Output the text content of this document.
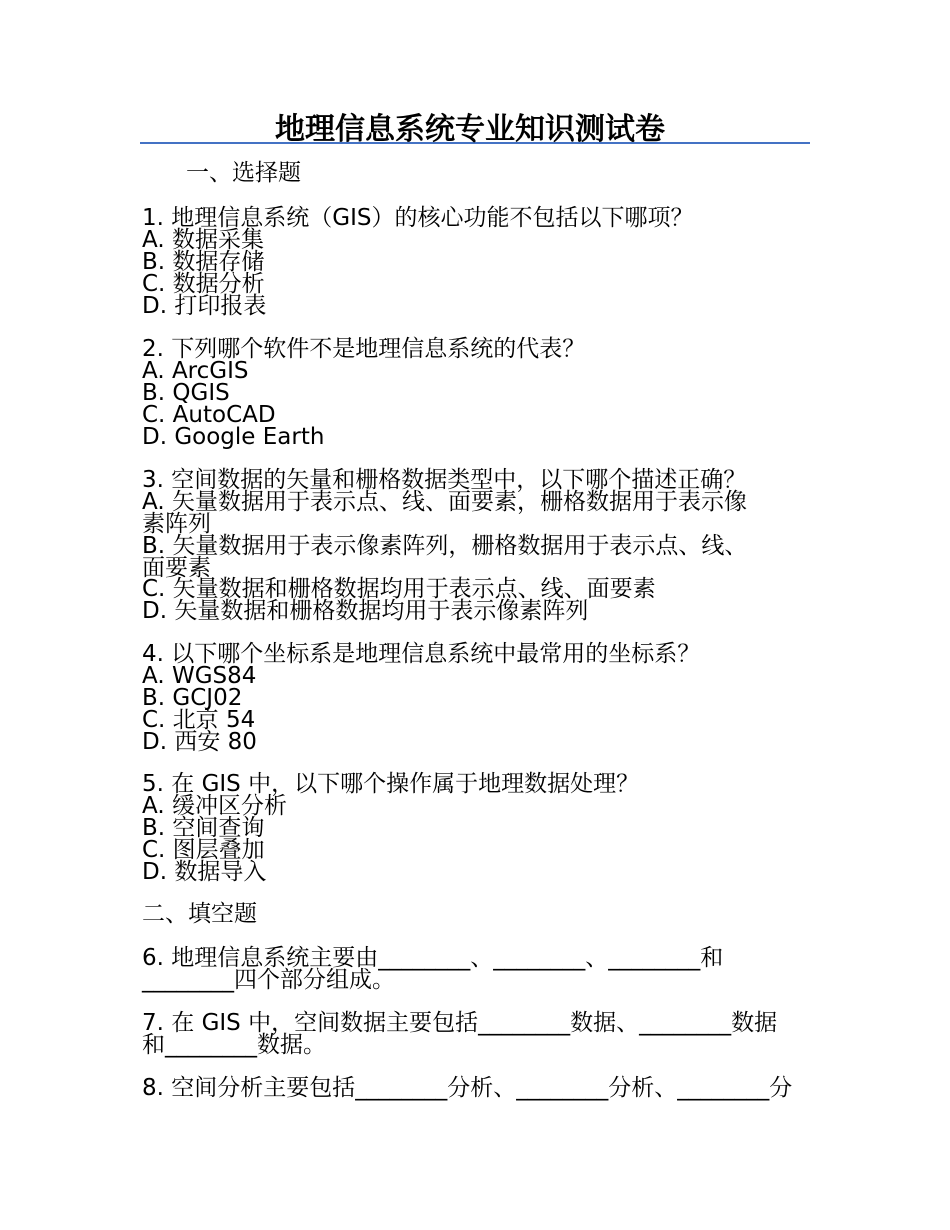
地理信息系统专业知识测试卷
一、选择题
1. 地理信息系统（GIS）的核心功能不包括以下哪项？
A. 数据采集
B. 数据存储
C. 数据分析
D. 打印报表
2. 下列哪个软件不是地理信息系统的代表？
A. ArcGIS
B. QGIS
C. AutoCAD
D. Google Earth
3. 空间数据的矢量和栅格数据类型中，以下哪个描述正确？
A. 矢量数据用于表示点、线、面要素，栅格数据用于表示像
素阵列
B. 矢量数据用于表示像素阵列，栅格数据用于表示点、线、
面要素
C. 矢量数据和栅格数据均用于表示点、线、面要素
D. 矢量数据和栅格数据均用于表示像素阵列
4. 以下哪个坐标系是地理信息系统中最常用的坐标系？
A. WGS84
B. GCJ02
C. 北京 54
D. 西安 80
5. 在 GIS 中，以下哪个操作属于地理数据处理？
A. 缓冲区分析
B. 空间查询
C. 图层叠加
D. 数据导入
二、填空题
6. 地理信息系统主要由________、________、________和
________四个部分组成。
7. 在 GIS 中，空间数据主要包括________数据、________数据
和________数据。
8. 空间分析主要包括________分析、________分析、________分
